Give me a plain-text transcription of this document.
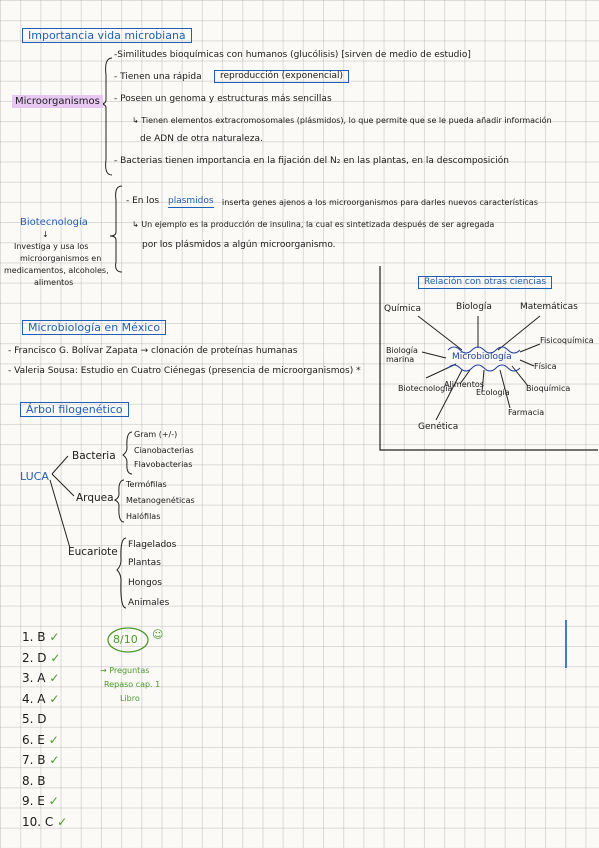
Importancia vida microbiana
Microorganismos
-Similitudes bioquímicas con humanos (glucólisis) [sirven de medio de estudio]
- Tienen una rápida	reproducción (exponencial)
- Poseen un genoma y estructuras más sencillas
↳ Tienen elementos extracromosomales (plásmidos), lo que permite que se le pueda añadir información
de ADN de otra naturaleza.
- Bacterias tienen importancia en la fijación del N₂ en las plantas, en la descomposición
Biotecnología
↓
Investiga y usa los
microorganismos en
medicamentos, alcoholes,
alimentos
- En los plasmidos inserta genes ajenos a los microorganismos para darles nuevos características
↳ Un ejemplo es la producción de insulina, la cual es sintetizada después de ser agregada
por los plásmidos a algún microorganismo.
Relación con otras ciencias
Química	Biología	Matemáticas
Biología
marina	Microbiología
Fisicoquímica
Física
Bioquímica
Farmacia
Ecología
Alimentos
Biotecnología
Genética
Microbiología en México
- Francisco G. Bolívar Zapata → clonación de proteínas humanas
- Valeria Sousa: Estudio en Cuatro Ciénegas (presencia de microorganismos) *
Árbol filogenético
LUCA
Bacteria
Gram (+/-)
Cianobacterias
Flavobacterias
Arquea
Termófilas
Metanogenéticas
Halófilas
Eucariote
Flagelados
Plantas
Hongos
Animales
1. B ✓
2. D ✓
3. A ✓
4. A ✓
5. D
6. E ✓
7. B ✓
8. B
9. E ✓
10. C ✓
8/10 ☺
→ Preguntas
Repaso cap. 1
Libro
